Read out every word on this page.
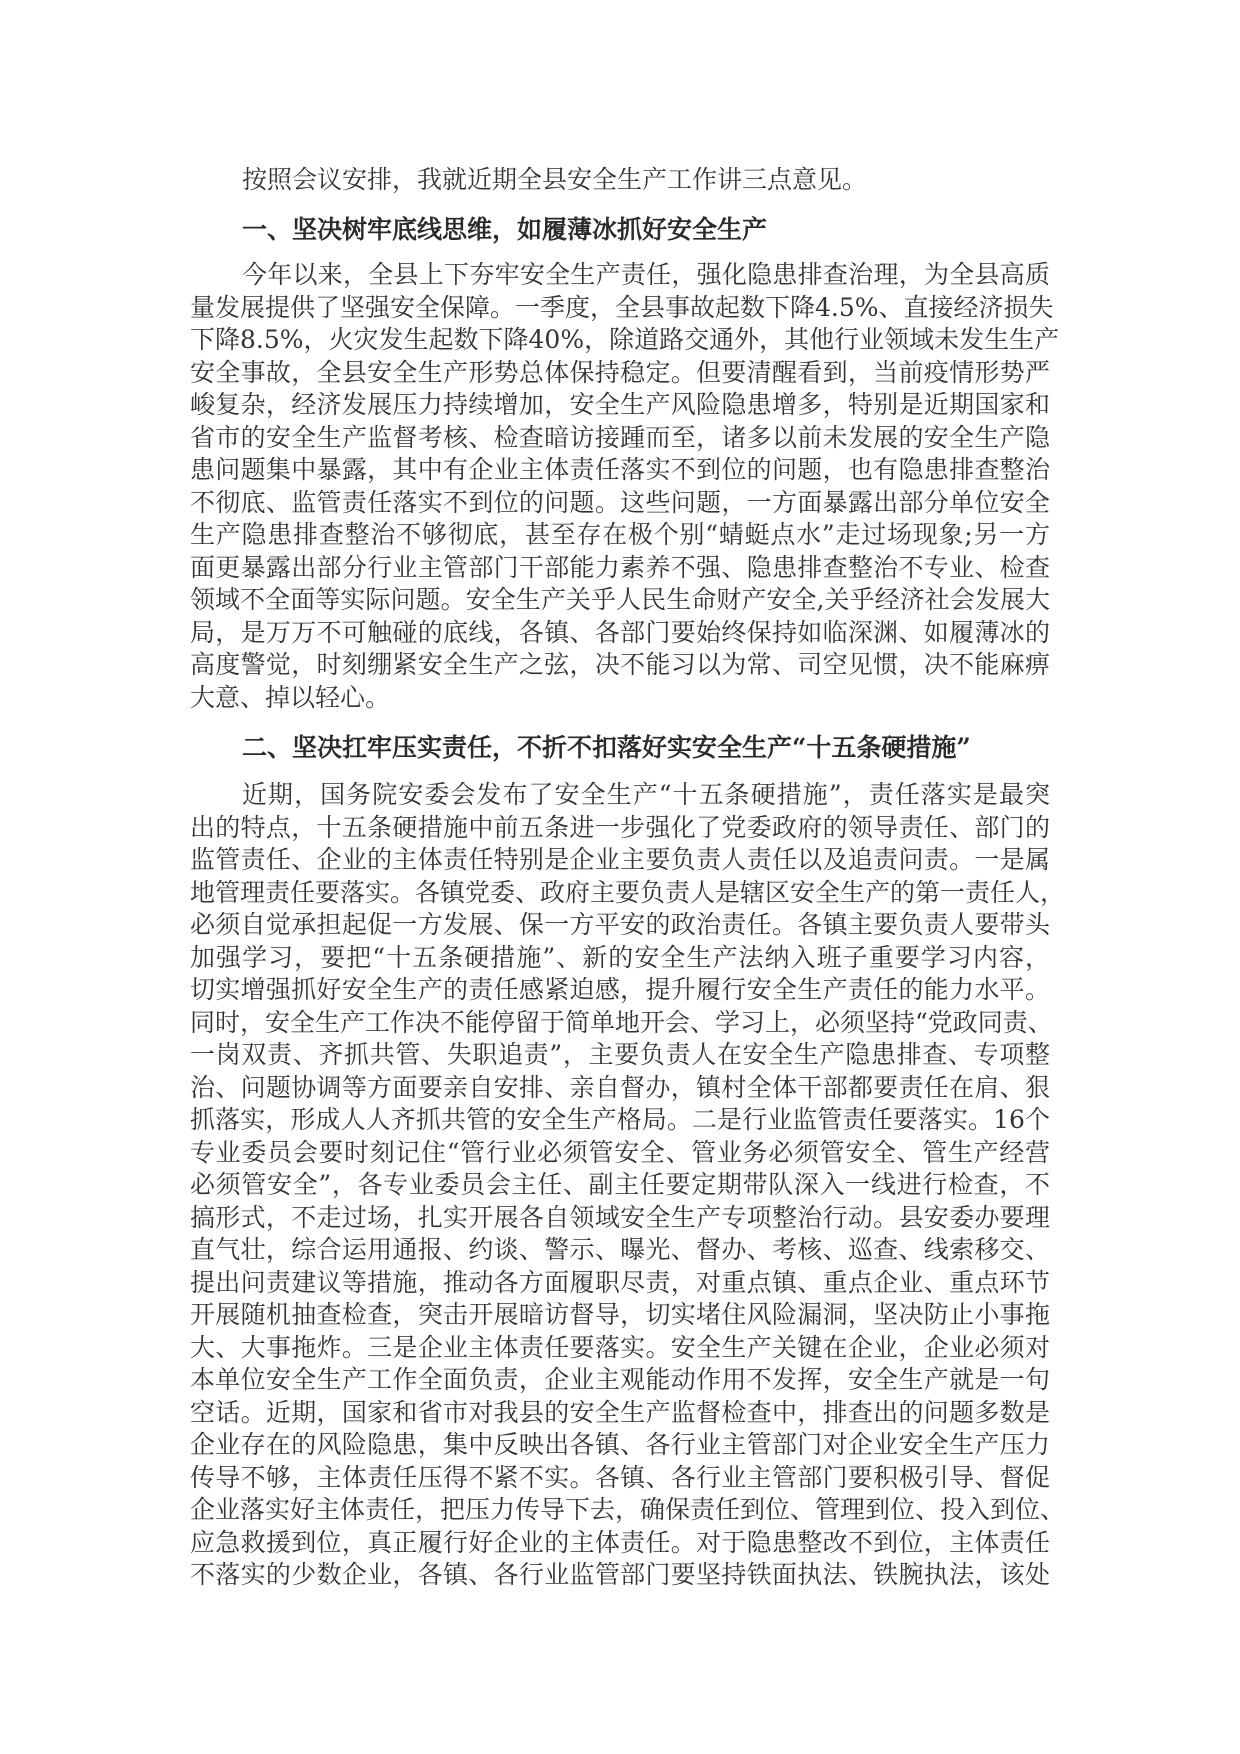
按照会议安排，我就近期全县安全生产工作讲三点意见。
一、坚决树牢底线思维，如履薄冰抓好安全生产
今年以来，全县上下夯牢安全生产责任，强化隐患排查治理，为全县高质
量发展提供了坚强安全保障。一季度，全县事故起数下降4.5%、直接经济损失
下降8.5%，火灾发生起数下降40%，除道路交通外，其他行业领域未发生生产
安全事故，全县安全生产形势总体保持稳定。但要清醒看到，当前疫情形势严
峻复杂，经济发展压力持续增加，安全生产风险隐患增多，特别是近期国家和
省市的安全生产监督考核、检查暗访接踵而至，诸多以前未发展的安全生产隐
患问题集中暴露，其中有企业主体责任落实不到位的问题，也有隐患排查整治
不彻底、监管责任落实不到位的问题。这些问题，一方面暴露出部分单位安全
生产隐患排查整治不够彻底，甚至存在极个别“蜻蜓点水”走过场现象;另一方
面更暴露出部分行业主管部门干部能力素养不强、隐患排查整治不专业、检查
领域不全面等实际问题。安全生产关乎人民生命财产安全,关乎经济社会发展大
局，是万万不可触碰的底线，各镇、各部门要始终保持如临深渊、如履薄冰的
高度警觉，时刻绷紧安全生产之弦，决不能习以为常、司空见惯，决不能麻痹
大意、掉以轻心。
二、坚决扛牢压实责任，不折不扣落好实安全生产“十五条硬措施”
近期，国务院安委会发布了安全生产“十五条硬措施”，责任落实是最突
出的特点，十五条硬措施中前五条进一步强化了党委政府的领导责任、部门的
监管责任、企业的主体责任特别是企业主要负责人责任以及追责问责。一是属
地管理责任要落实。各镇党委、政府主要负责人是辖区安全生产的第一责任人，
必须自觉承担起促一方发展、保一方平安的政治责任。各镇主要负责人要带头
加强学习，要把“十五条硬措施”、新的安全生产法纳入班子重要学习内容，
切实增强抓好安全生产的责任感紧迫感，提升履行安全生产责任的能力水平。
同时，安全生产工作决不能停留于简单地开会、学习上，必须坚持“党政同责、
一岗双责、齐抓共管、失职追责”，主要负责人在安全生产隐患排查、专项整
治、问题协调等方面要亲自安排、亲自督办，镇村全体干部都要责任在肩、狠
抓落实，形成人人齐抓共管的安全生产格局。二是行业监管责任要落实。16个
专业委员会要时刻记住“管行业必须管安全、管业务必须管安全、管生产经营
必须管安全”，各专业委员会主任、副主任要定期带队深入一线进行检查，不
搞形式，不走过场，扎实开展各自领域安全生产专项整治行动。县安委办要理
直气壮，综合运用通报、约谈、警示、曝光、督办、考核、巡查、线索移交、
提出问责建议等措施，推动各方面履职尽责，对重点镇、重点企业、重点环节
开展随机抽查检查，突击开展暗访督导，切实堵住风险漏洞，坚决防止小事拖
大、大事拖炸。三是企业主体责任要落实。安全生产关键在企业，企业必须对
本单位安全生产工作全面负责，企业主观能动作用不发挥，安全生产就是一句
空话。近期，国家和省市对我县的安全生产监督检查中，排查出的问题多数是
企业存在的风险隐患，集中反映出各镇、各行业主管部门对企业安全生产压力
传导不够，主体责任压得不紧不实。各镇、各行业主管部门要积极引导、督促
企业落实好主体责任，把压力传导下去，确保责任到位、管理到位、投入到位、
应急救援到位，真正履行好企业的主体责任。对于隐患整改不到位，主体责任
不落实的少数企业，各镇、各行业监管部门要坚持铁面执法、铁腕执法，该处
